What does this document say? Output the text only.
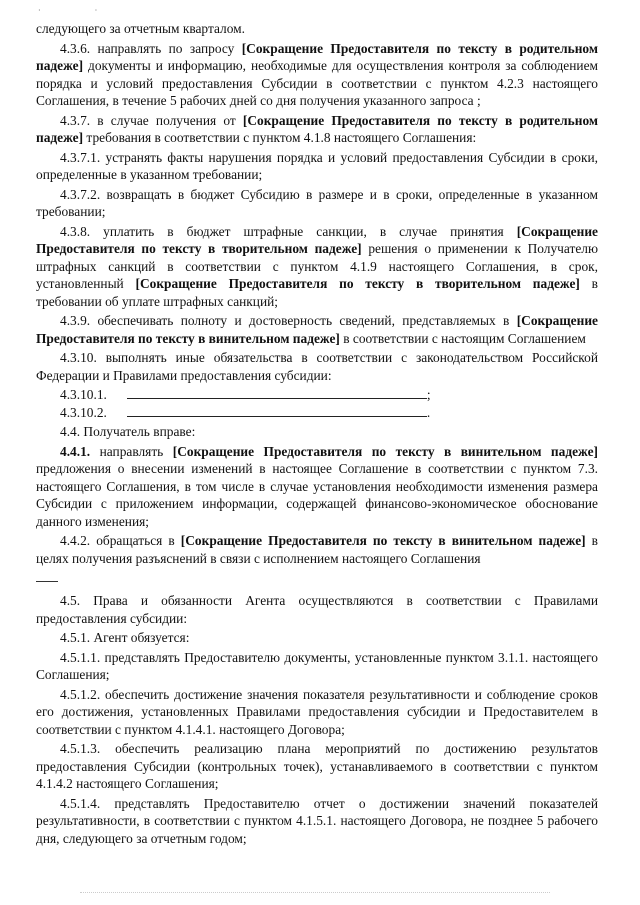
· ·

следующего за отчетным кварталом.

4.3.6. направлять по запросу [Сокращение Предоставителя по тексту в родительном падеже] документы и информацию, необходимые для осуществления контроля за соблюдением порядка и условий предоставления Субсидии в соответствии с пунктом 4.2.3 настоящего Соглашения, в течение 5 рабочих дней со дня получения указанного запроса ;

4.3.7. в случае получения от [Сокращение Предоставителя по тексту в родительном падеже] требования в соответствии с пунктом 4.1.8 настоящего Соглашения:

4.3.7.1. устранять факты нарушения порядка и условий предоставления Субсидии в сроки, определенные в указанном требовании;

4.3.7.2. возвращать в бюджет Субсидию в размере и в сроки, определенные в указанном требовании;

4.3.8. уплатить в бюджет штрафные санкции, в случае принятия [Сокращение Предоставителя по тексту в творительном падеже] решения о применении к Получателю штрафных санкций в соответствии с пунктом 4.1.9 настоящего Соглашения, в срок, установленный [Сокращение Предоставителя по тексту в творительном падеже] в требовании об уплате штрафных санкций;

4.3.9. обеспечивать полноту и достоверность сведений, представляемых в [Сокращение Предоставителя по тексту в винительном падеже] в соответствии с настоящим Соглашением

4.3.10. выполнять иные обязательства в соответствии с законодательством Российской Федерации и Правилами предоставления субсидии:

4.3.10.1.	;

4.3.10.2.	.

4.4. Получатель вправе:

4.4.1. направлять [Сокращение Предоставителя по тексту в винительном падеже] предложения о внесении изменений в настоящее Соглашение в соответствии с пунктом 7.3. настоящего Соглашения, в том числе в случае установления необходимости изменения размера Субсидии с приложением информации, содержащей финансово-экономическое обоснование данного изменения;

4.4.2. обращаться в [Сокращение Предоставителя по тексту в винительном падеже] в целях получения разъяснений в связи с исполнением настоящего Соглашения

4.5. Права и обязанности Агента осуществляются в соответствии с Правилами предоставления субсидии:

4.5.1. Агент обязуется:

4.5.1.1. представлять Предоставителю документы, установленные пунктом 3.1.1. настоящего Соглашения;

4.5.1.2. обеспечить достижение значения показателя результативности и соблюдение сроков его достижения, установленных Правилами предоставления субсидии и Предоставителем в соответствии с пунктом 4.1.4.1. настоящего Договора;

4.5.1.3. обеспечить реализацию плана мероприятий по достижению результатов предоставления Субсидии (контрольных точек), устанавливаемого в соответствии с пунктом 4.1.4.2 настоящего Соглашения;

4.5.1.4. представлять Предоставителю отчет о достижении значений показателей результативности, в соответствии с пунктом 4.1.5.1. настоящего Договора, не позднее 5 рабочего дня, следующего за отчетным годом;
